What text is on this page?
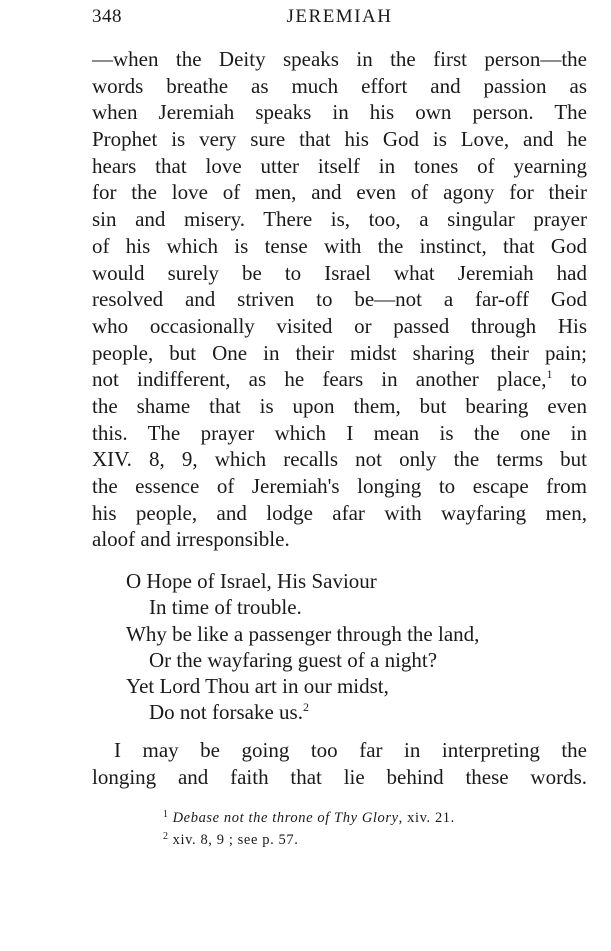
348	JEREMIAH
—when the Deity speaks in the first person—the
words breathe as much effort and passion as
when Jeremiah speaks in his own person. The
Prophet is very sure that his God is Love, and he
hears that love utter itself in tones of yearning
for the love of men, and even of agony for their
sin and misery. There is, too, a singular prayer
of his which is tense with the instinct, that God
would surely be to Israel what Jeremiah had
resolved and striven to be—not a far-off God
who occasionally visited or passed through His
people, but One in their midst sharing their pain;
not indifferent, as he fears in another place,$^1$ to
the shame that is upon them, but bearing even
this. The prayer which I mean is the one in
XIV. 8, 9, which recalls not only the terms but
the essence of Jeremiah's longing to escape from
his people, and lodge afar with wayfaring men,
aloof and irresponsible.
O Hope of Israel, His Saviour
In time of trouble.
Why be like a passenger through the land,
Or the wayfaring guest of a night?
Yet Lord Thou art in our midst,
Do not forsake us.$^2$
I may be going too far in interpreting the
longing and faith that lie behind these words.
$^1$ Debase not the throne of Thy Glory, xiv. 21.
$^2$ xiv. 8, 9 ; see p. 57.
